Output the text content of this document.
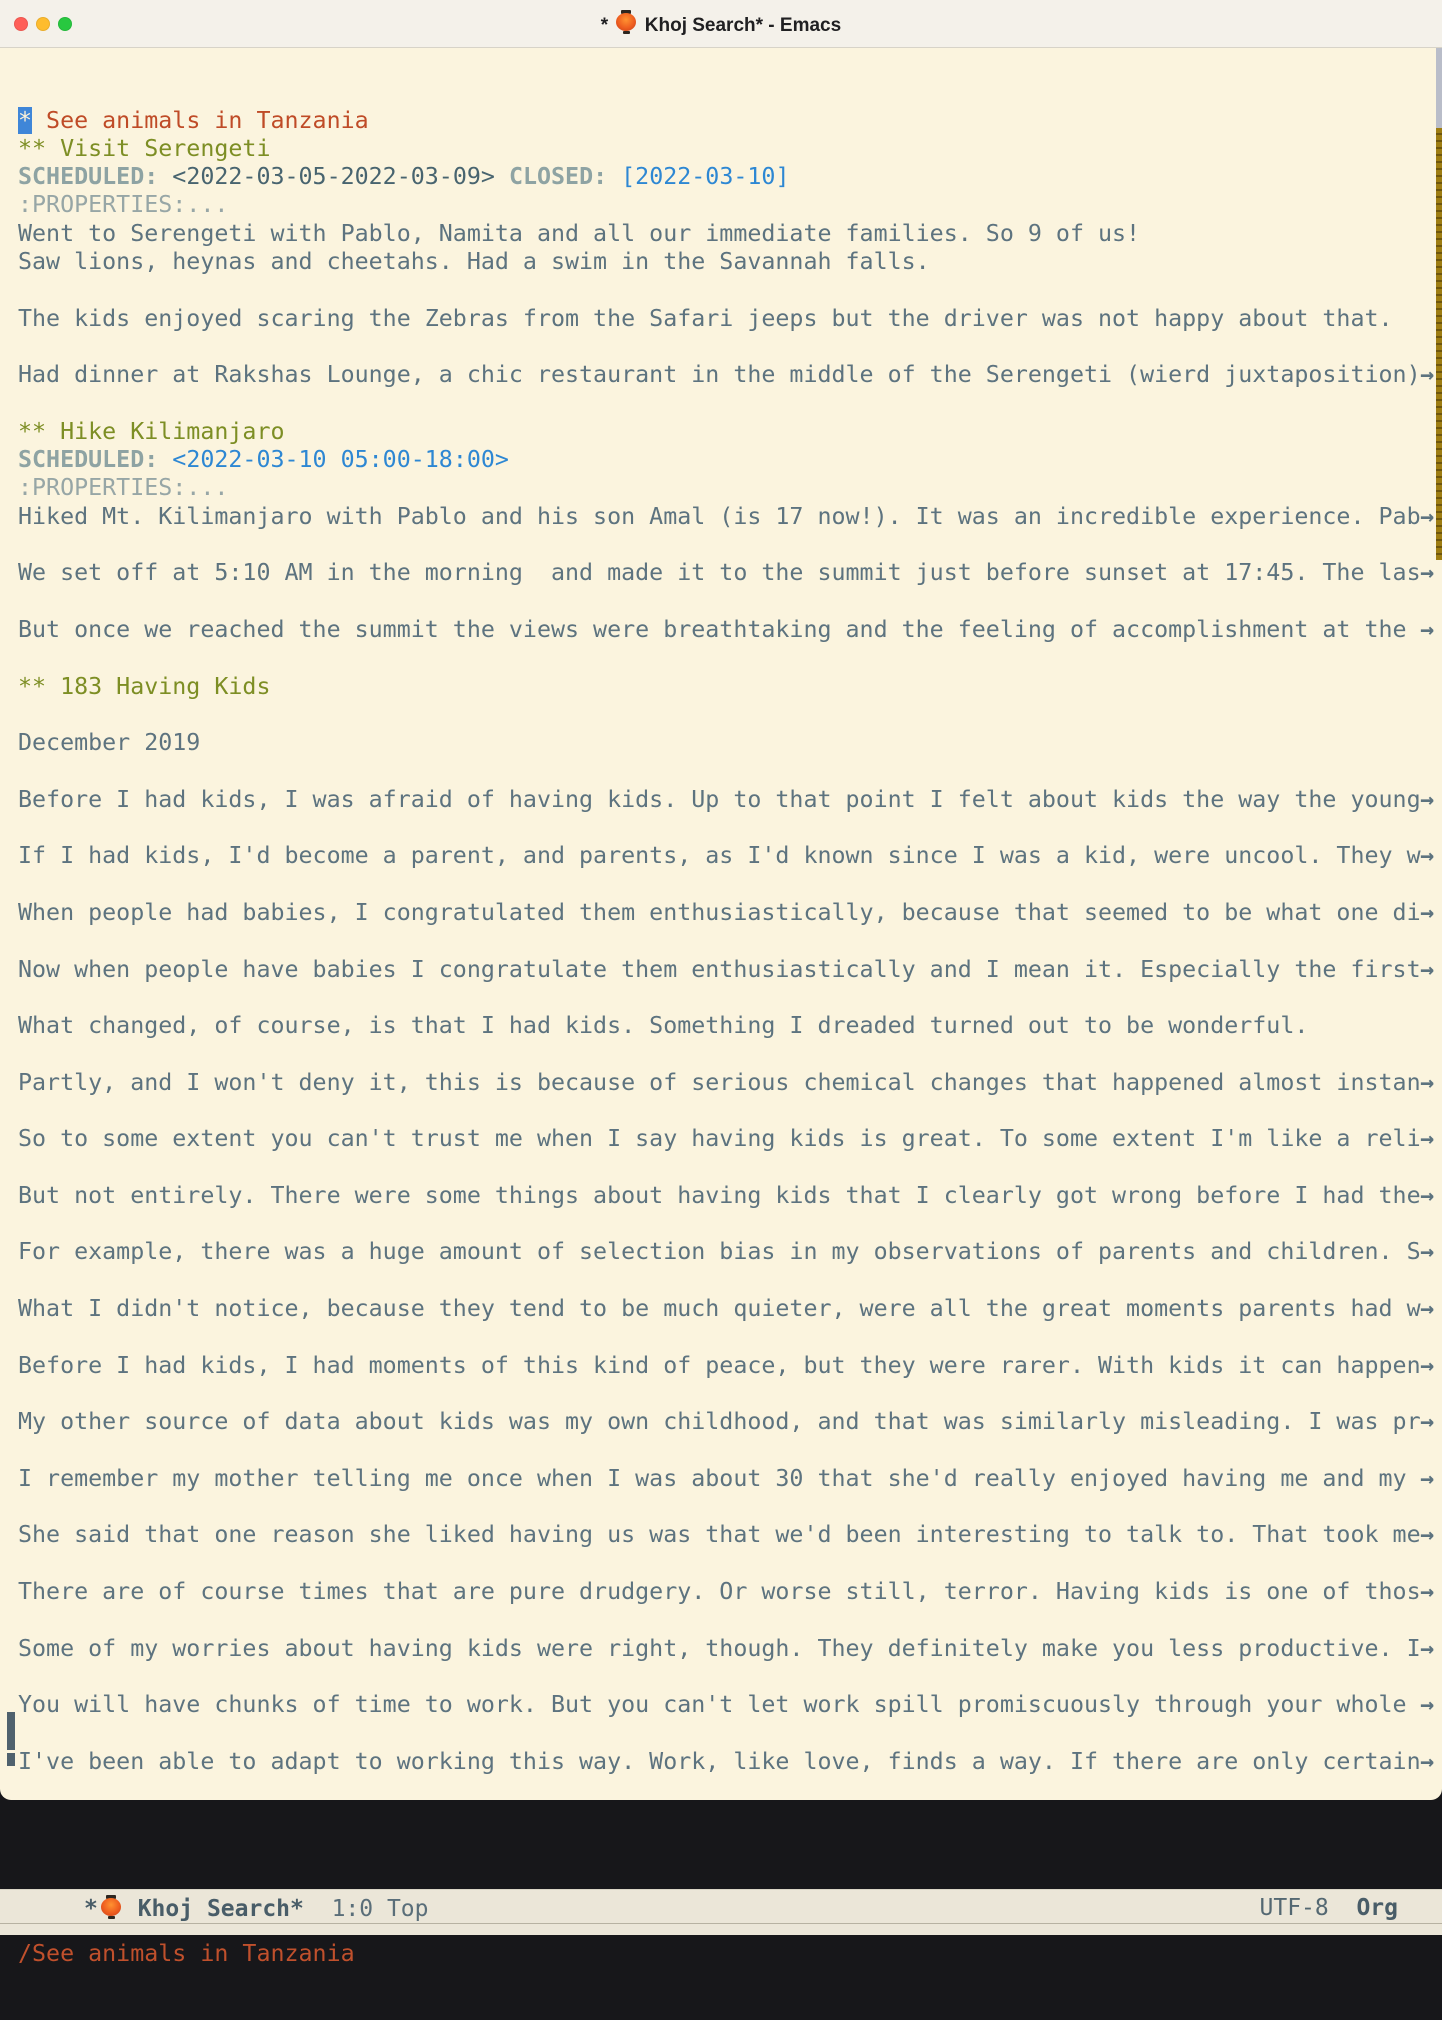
*
Khoj Search* - Emacs

* See animals in Tanzania
** Visit Serengeti
SCHEDULED: <2022-03-05-2022-03-09> CLOSED: [2022-03-10]
:PROPERTIES:...
Went to Serengeti with Pablo, Namita and all our immediate families. So 9 of us!
Saw lions, heynas and cheetahs. Had a swim in the Savannah falls.
The kids enjoyed scaring the Zebras from the Safari jeeps but the driver was not happy about that.
Had dinner at Rakshas Lounge, a chic restaurant in the middle of the Serengeti (wierd juxtaposition) →
** Hike Kilimanjaro
SCHEDULED: <2022-03-10 05:00-18:00>
:PROPERTIES:...
Hiked Mt. Kilimanjaro with Pablo and his son Amal (is 17 now!). It was an incredible experience. Pab →
We set off at 5:10 AM in the morning  and made it to the summit just before sunset at 17:45. The las →
But once we reached the summit the views were breathtaking and the feeling of accomplishment at the →
** 183 Having Kids
December 2019
Before I had kids, I was afraid of having kids. Up to that point I felt about kids the way the young →
If I had kids, I'd become a parent, and parents, as I'd known since I was a kid, were uncool. They w →
When people had babies, I congratulated them enthusiastically, because that seemed to be what one di →
Now when people have babies I congratulate them enthusiastically and I mean it. Especially the first →
What changed, of course, is that I had kids. Something I dreaded turned out to be wonderful.
Partly, and I won't deny it, this is because of serious chemical changes that happened almost instan →
So to some extent you can't trust me when I say having kids is great. To some extent I'm like a reli →
But not entirely. There were some things about having kids that I clearly got wrong before I had the →
For example, there was a huge amount of selection bias in my observations of parents and children. S →
What I didn't notice, because they tend to be much quieter, were all the great moments parents had w →
Before I had kids, I had moments of this kind of peace, but they were rarer. With kids it can happen →
My other source of data about kids was my own childhood, and that was similarly misleading. I was pr →
I remember my mother telling me once when I was about 30 that she'd really enjoyed having me and my →
She said that one reason she liked having us was that we'd been interesting to talk to. That took me →
There are of course times that are pure drudgery. Or worse still, terror. Having kids is one of thos →
Some of my worries about having kids were right, though. They definitely make you less productive. I →
You will have chunks of time to work. But you can't let work spill promiscuously through your whole →
I've been able to adapt to working this way. Work, like love, finds a way. If there are only certain →

*
Khoj Search*  1:0 Top

	UTF-8  Org

/See animals in Tanzania
